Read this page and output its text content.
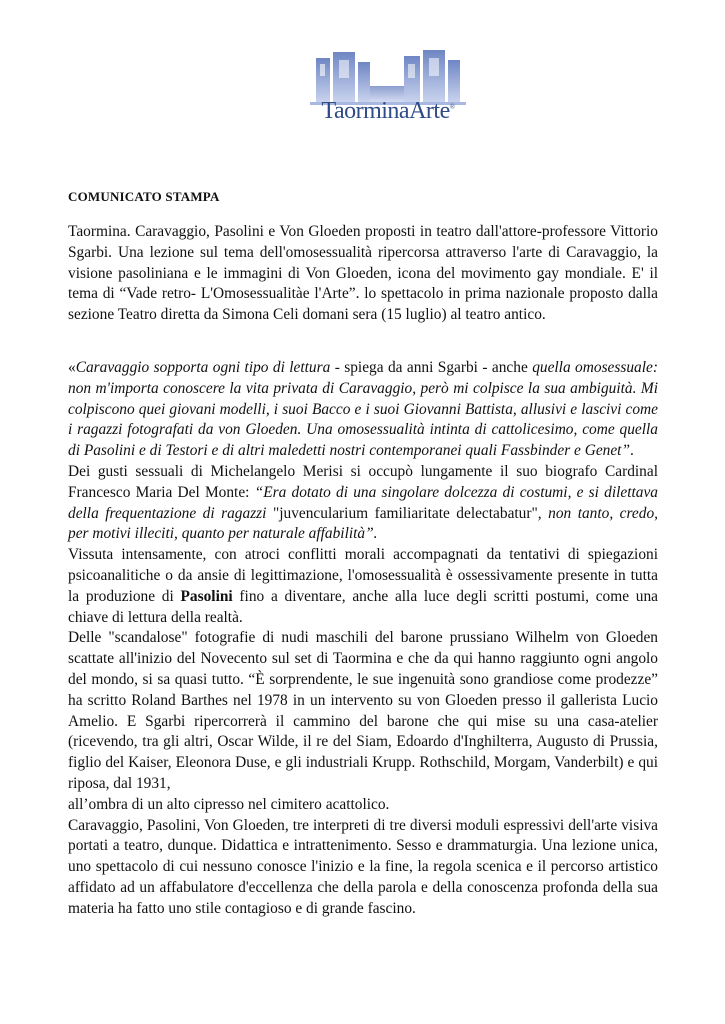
TaorminaArte®
COMUNICATO STAMPA

Taormina. Caravaggio, Pasolini e Von Gloeden proposti in teatro dall'attore-professore Vittorio Sgarbi. Una lezione sul tema dell'omosessualità ripercorsa attraverso l'arte di Caravaggio, la visione pasoliniana e le immagini di Von Gloeden, icona del movimento gay mondiale. E' il tema di “Vade retro- L'Omosessualitàe l'Arte”. lo spettacolo in prima nazionale proposto dalla sezione Teatro diretta da Simona Celi domani sera (15 luglio) al teatro antico.

«Caravaggio sopporta ogni tipo di lettura - spiega da anni Sgarbi - anche quella omosessuale: non m'importa conoscere la vita privata di Caravaggio, però mi colpisce la sua ambiguità. Mi colpiscono quei giovani modelli, i suoi Bacco e i suoi Giovanni Battista, allusivi e lascivi come i ragazzi fotografati da von Gloeden. Una omosessualità intinta di cattolicesimo, come quella di Pasolini e di Testori e di altri maledetti nostri contemporanei quali Fassbinder e Genet”.

Dei gusti sessuali di Michelangelo Merisi si occupò lungamente il suo biografo Cardinal Francesco Maria Del Monte: “Era dotato di una singolare dolcezza di costumi, e si dilettava della frequentazione di ragazzi "juvencularium familiaritate delectabatur", non tanto, credo, per motivi illeciti, quanto per naturale affabilità”.

Vissuta intensamente, con atroci conflitti morali accompagnati da tentativi di spiegazioni psicoanalitiche o da ansie di legittimazione, l'omosessualità è ossessivamente presente in tutta la produzione di Pasolini fino a diventare, anche alla luce degli scritti postumi, come una chiave di lettura della realtà.

Delle "scandalose" fotografie di nudi maschili del barone prussiano Wilhelm von Gloeden scattate all'inizio del Novecento sul set di Taormina e che da qui hanno raggiunto ogni angolo del mondo, si sa quasi tutto. “È sorprendente, le sue ingenuità sono grandiose come prodezze” ha scritto Roland Barthes nel 1978 in un intervento su von Gloeden presso il gallerista Lucio Amelio. E Sgarbi ripercorrerà il cammino del barone che qui mise su una casa-atelier (ricevendo, tra gli altri, Oscar Wilde, il re del Siam, Edoardo d'Inghilterra, Augusto di Prussia, figlio del Kaiser, Eleonora Duse, e gli industriali Krupp. Rothschild, Morgam, Vanderbilt) e qui riposa, dal 1931,

all’ombra di un alto cipresso nel cimitero acattolico.

Caravaggio, Pasolini, Von Gloeden, tre interpreti di tre diversi moduli espressivi dell'arte visiva portati a teatro, dunque. Didattica e intrattenimento. Sesso e drammaturgia. Una lezione unica, uno spettacolo di cui nessuno conosce l'inizio e la fine, la regola scenica e il percorso artistico affidato ad un affabulatore d'eccellenza che della parola e della conoscenza profonda della sua materia ha fatto uno stile contagioso e di grande fascino.
